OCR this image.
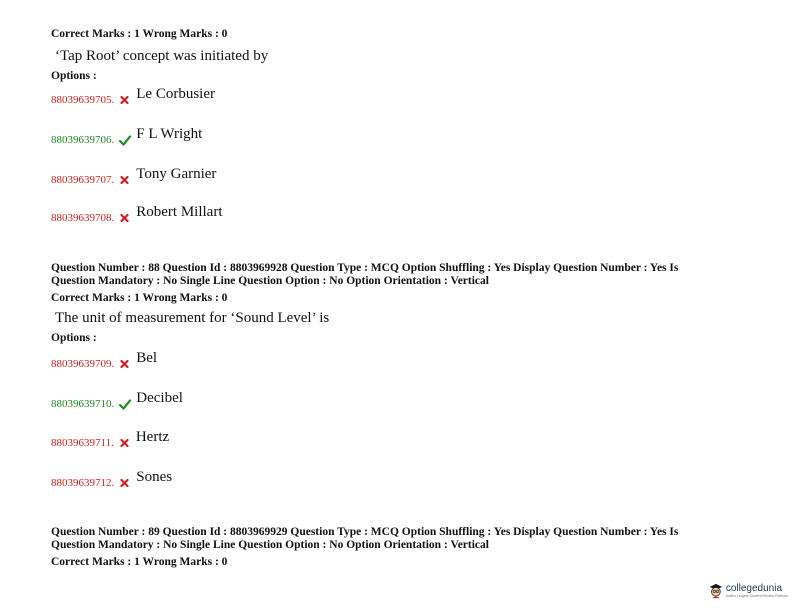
Correct Marks : 1 Wrong Marks : 0
‘Tap Root’ concept was initiated by
Options :
88039639705. Le Corbusier
88039639706. F L Wright
88039639707. Tony Garnier
88039639708. Robert Millart
Question Number : 88 Question Id : 8803969928 Question Type : MCQ Option Shuffling : Yes Display Question Number : Yes Is
Question Mandatory : No Single Line Question Option : No Option Orientation : Vertical
Correct Marks : 1 Wrong Marks : 0
The unit of measurement for ‘Sound Level’ is
Options :
88039639709. Bel
88039639710. Decibel
88039639711. Hertz
88039639712. Sones
Question Number : 89 Question Id : 8803969929 Question Type : MCQ Option Shuffling : Yes Display Question Number : Yes Is
Question Mandatory : No Single Line Question Option : No Option Orientation : Vertical
Correct Marks : 1 Wrong Marks : 0
collegedunia
India's Largest Student Review Platform
